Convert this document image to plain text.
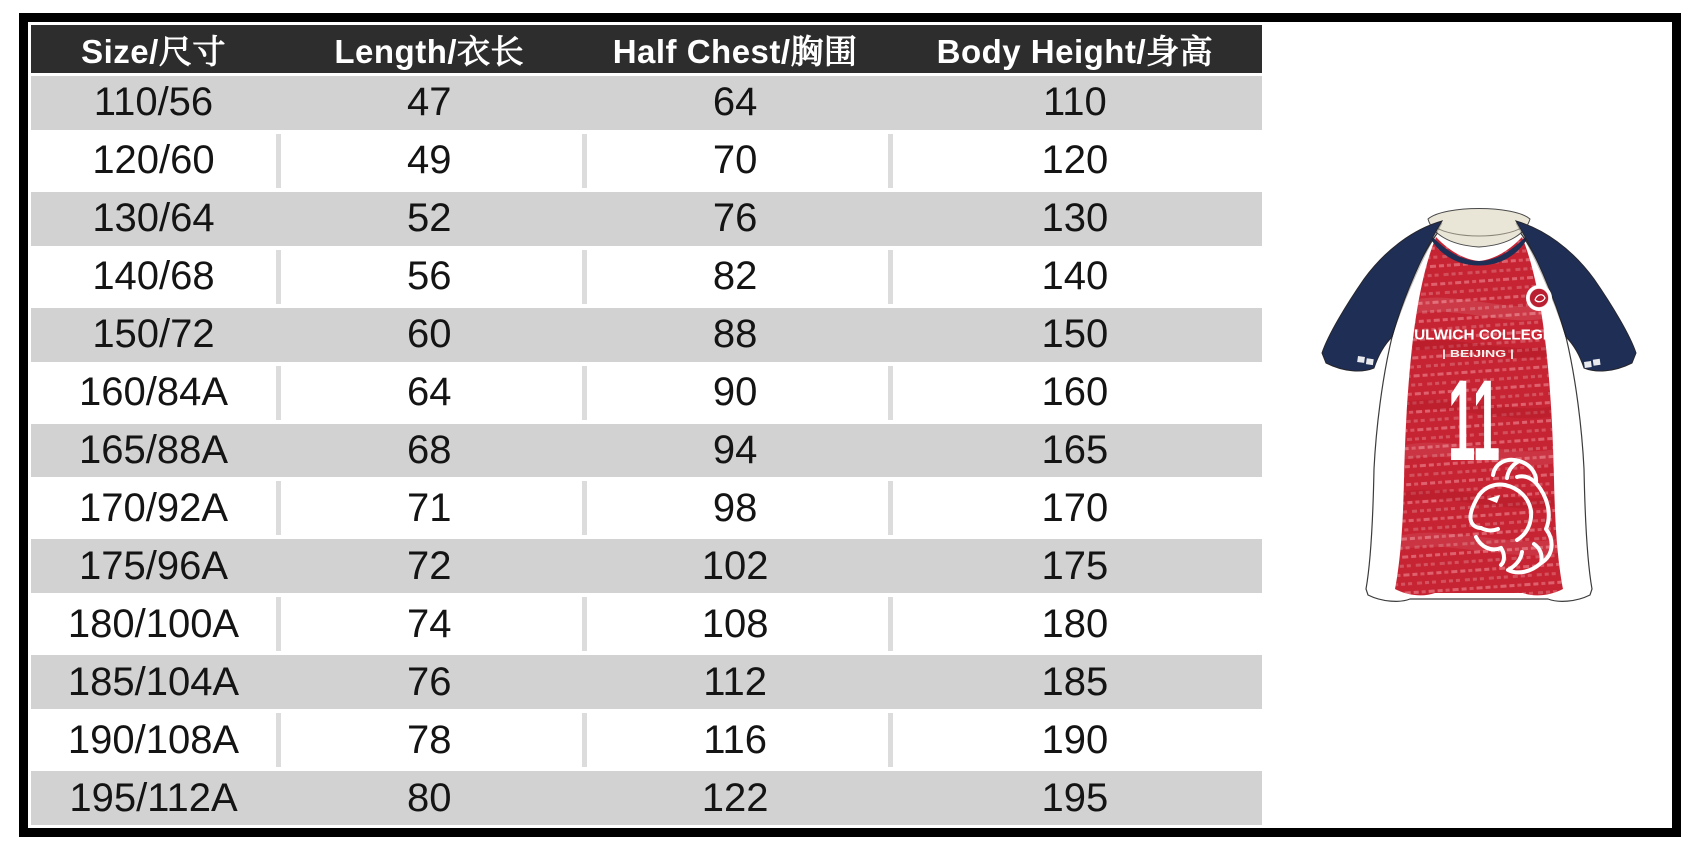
Size/尺寸	Length/衣长	Half Chest/胸围	Body Height/身高
110/56	47	64	110
120/60	49	70	120
130/64	52	76	130
140/68	56	82	140
150/72	60	88	150
160/84A	64	90	160
165/88A	68	94	165
170/92A	71	98	170
175/96A	72	102	175
180/100A	74	108	180
185/104A	76	112	185
190/108A	78	116	190
195/112A	80	122	195
DULWICH COLLEGE
| BEIJING |
11
